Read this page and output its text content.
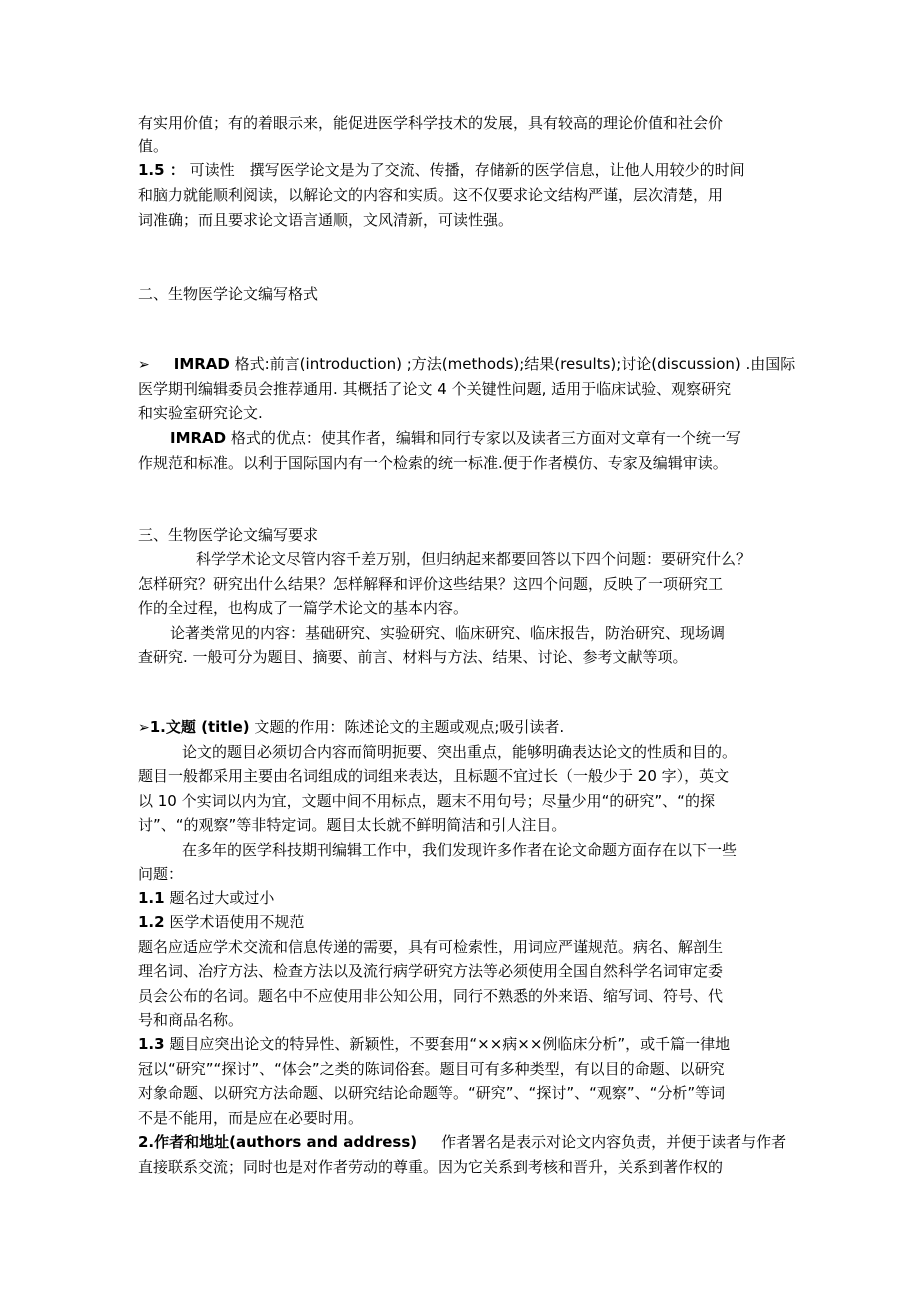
有实用价值；有的着眼示来，能促进医学科学技术的发展，具有较高的理论价值和社会价
值。
1.5 ： 可读性　撰写医学论文是为了交流、传播，存储新的医学信息，让他人用较少的时间
和脑力就能顺利阅读，以解论文的内容和实质。这不仅要求论文结构严谨，层次清楚，用
词准确；而且要求论文语言通顺，文风清新，可读性强。
二、生物医学论文编写格式
➢ IMRAD 格式:前言(introduction) ;方法(methods);结果(results);讨论(discussion) .由国际
医学期刊编辑委员会推荐通用. 其概括了论文 4 个关键性问题, 适用于临床试验、观察研究
和实验室研究论文.
IMRAD 格式的优点：使其作者，编辑和同行专家以及读者三方面对文章有一个统一写
作规范和标准。以利于国际国内有一个检索的统一标准.便于作者模仿、专家及编辑审读。
三、生物医学论文编写要求
科学学术论文尽管内容千差万别，但归纳起来都要回答以下四个问题：要研究什么？
怎样研究？研究出什么结果？怎样解释和评价这些结果？这四个问题，反映了一项研究工
作的全过程，也构成了一篇学术论文的基本内容。
论著类常见的内容：基础研究、实验研究、临床研究、临床报告，防治研究、现场调
查研究. 一般可分为题目、摘要、前言、材料与方法、结果、讨论、参考文献等项。
➢1.文题 (title) 文题的作用：陈述论文的主题或观点;吸引读者.
论文的题目必须切合内容而简明扼要、突出重点，能够明确表达论文的性质和目的。
题目一般都采用主要由名词组成的词组来表达，且标题不宜过长（一般少于 20 字），英文
以 10 个实词以内为宜，文题中间不用标点，题末不用句号；尽量少用“的研究”、“的探
讨”、“的观察”等非特定词。题目太长就不鲜明简洁和引人注目。
在多年的医学科技期刊编辑工作中，我们发现许多作者在论文命题方面存在以下一些
问题：
1.1 题名过大或过小
1.2 医学术语使用不规范
题名应适应学术交流和信息传递的需要，具有可检索性，用词应严谨规范。病名、解剖生
理名词、冶疗方法、检查方法以及流行病学研究方法等必须使用全国自然科学名词审定委
员会公布的名词。题名中不应使用非公知公用，同行不熟悉的外来语、缩写词、符号、代
号和商品名称。
1.3 题目应突出论文的特异性、新颖性，不要套用“××病××例临床分析”，或千篇一律地
冠以“研究”“探讨”、“体会”之类的陈词俗套。题目可有多种类型，有以目的命题、以研究
对象命题、以研究方法命题、以研究结论命题等。“研究”、“探讨”、“观察”、“分析”等词
不是不能用，而是应在必要时用。
2.作者和地址(authors and address) 作者署名是表示对论文内容负责，并便于读者与作者
直接联系交流；同时也是对作者劳动的尊重。因为它关系到考核和晋升，关系到著作权的
